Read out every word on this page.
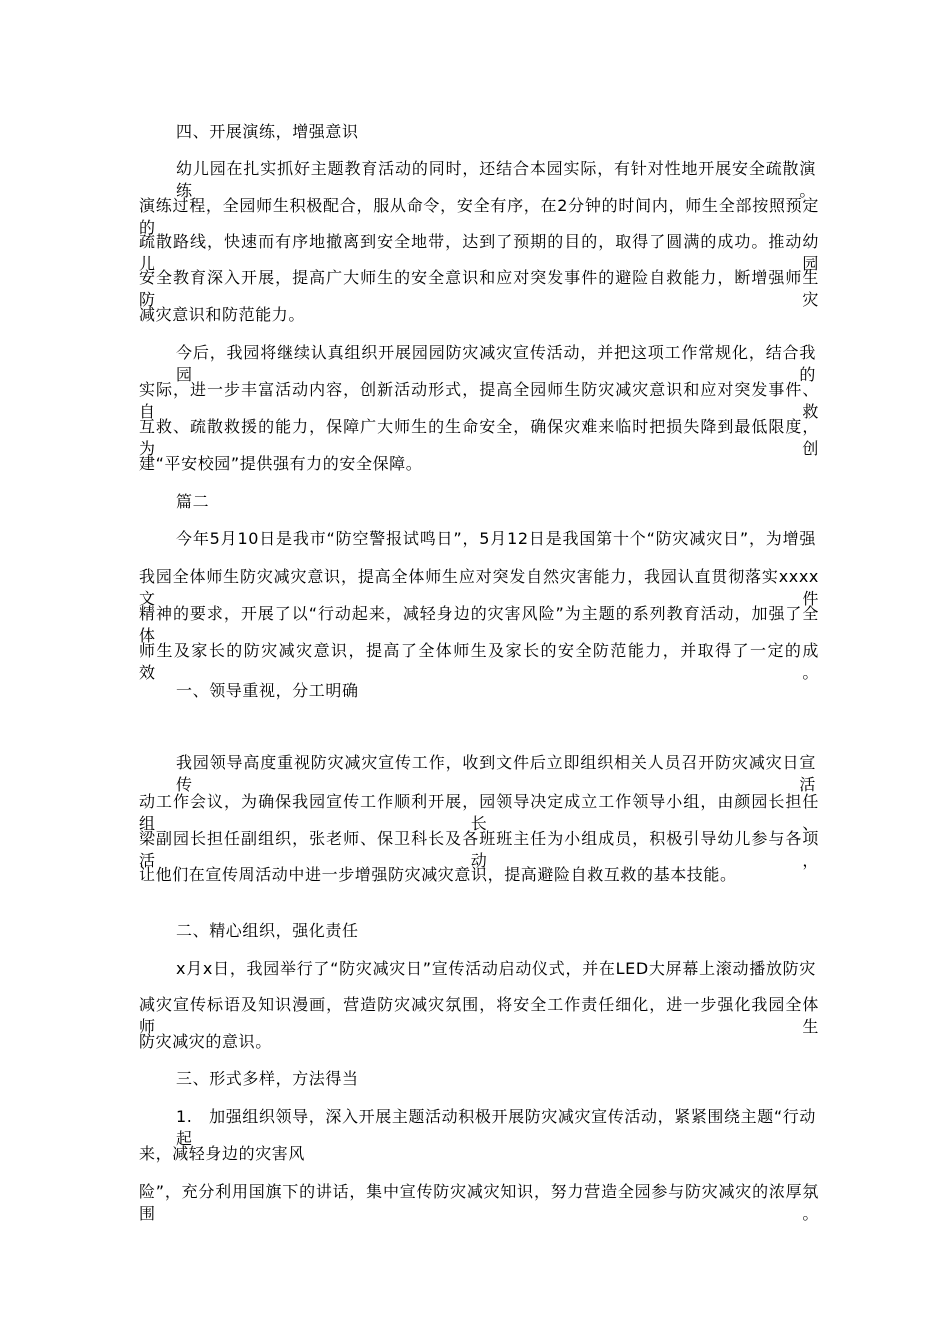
四、开展演练，增强意识
幼儿园在扎实抓好主题教育活动的同时，还结合本园实际，有针对性地开展安全疏散演练。
演练过程，全园师生积极配合，服从命令，安全有序，在2分钟的时间内，师生全部按照预定的
疏散路线，快速而有序地撤离到安全地带，达到了预期的目的，取得了圆满的成功。推动幼儿园
安全教育深入开展，提高广大师生的安全意识和应对突发事件的避险自救能力，断增强师生防灾
减灾意识和防范能力。
今后，我园将继续认真组织开展园园防灾减灾宣传活动，并把这项工作常规化，结合我园的
实际，进一步丰富活动内容，创新活动形式，提高全园师生防灾减灾意识和应对突发事件、自救
互救、疏散救援的能力，保障广大师生的生命安全，确保灾难来临时把损失降到最低限度，为创
建“平安校园”提供强有力的安全保障。
篇二
今年5月10日是我市“防空警报试鸣日”，5月12日是我国第十个“防灾减灾日”，为增强
我园全体师生防灾减灾意识，提高全体师生应对突发自然灾害能力，我园认直贯彻落实xxxx文件
精神的要求，开展了以“行动起来，减轻身边的灾害风险”为主题的系列教育活动，加强了全体
师生及家长的防灾减灾意识，提高了全体师生及家长的安全防范能力，并取得了一定的成效。
一、领导重视，分工明确
我园领导高度重视防灾减灾宣传工作，收到文件后立即组织相关人员召开防灾减灾日宣传活
动工作会议，为确保我园宣传工作顺利开展，园领导决定成立工作领导小组，由颜园长担任组长、
梁副园长担任副组织，张老师、保卫科长及各班班主任为小组成员，积极引导幼儿参与各项活动，
让他们在宣传周活动中进一步增强防灾减灾意识，提高避险自救互救的基本技能。
二、精心组织，强化责任
x月x日，我园举行了“防灾减灾日”宣传活动启动仪式，并在LED大屏幕上滚动播放防灾
减灾宣传标语及知识漫画，营造防灾减灾氛围，将安全工作责任细化，进一步强化我园全体师生
防灾减灾的意识。
三、形式多样，方法得当
1.　加强组织领导，深入开展主题活动积极开展防灾减灾宣传活动，紧紧围绕主题“行动起
来，减轻身边的灾害风
险”，充分利用国旗下的讲话，集中宣传防灾减灾知识，努力营造全园参与防灾减灾的浓厚氛围。
